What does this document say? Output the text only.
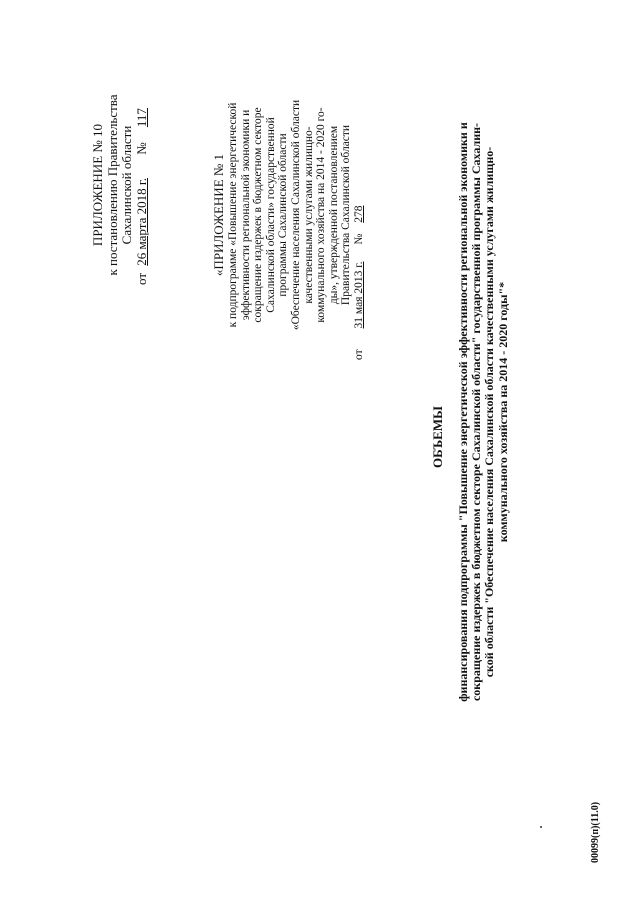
ПРИЛОЖЕНИЕ № 10 к постановлению Правительства Сахалинской области
от 26 марта 2018 г. № 117
«ПРИЛОЖЕНИЕ № 1 к подпрограмме «Повышение энергетической эффективности региональной экономики и сокращение издержек в бюджетном секторе Сахалинской области» государственной программы Сахалинской области «Обеспечение населения Сахалинской области качественными услугами жилищно- коммунального хозяйства на 2014 - 2020 го- ды», утвержденной постановлением Правительства Сахалинской области
от 31 мая 2013 г. № 278
ОБЪЕМЫ финансирования подпрограммы "Повышение энергетической эффективности региональной экономики и сокращение издержек в бюджетном секторе Сахалинской области" государственной программы Сахалин- ской области "Обеспечение населения Сахалинской области качественными услугами жилищно- коммунального хозяйства на 2014 - 2020 годы"*
00099(п)(11.0)
